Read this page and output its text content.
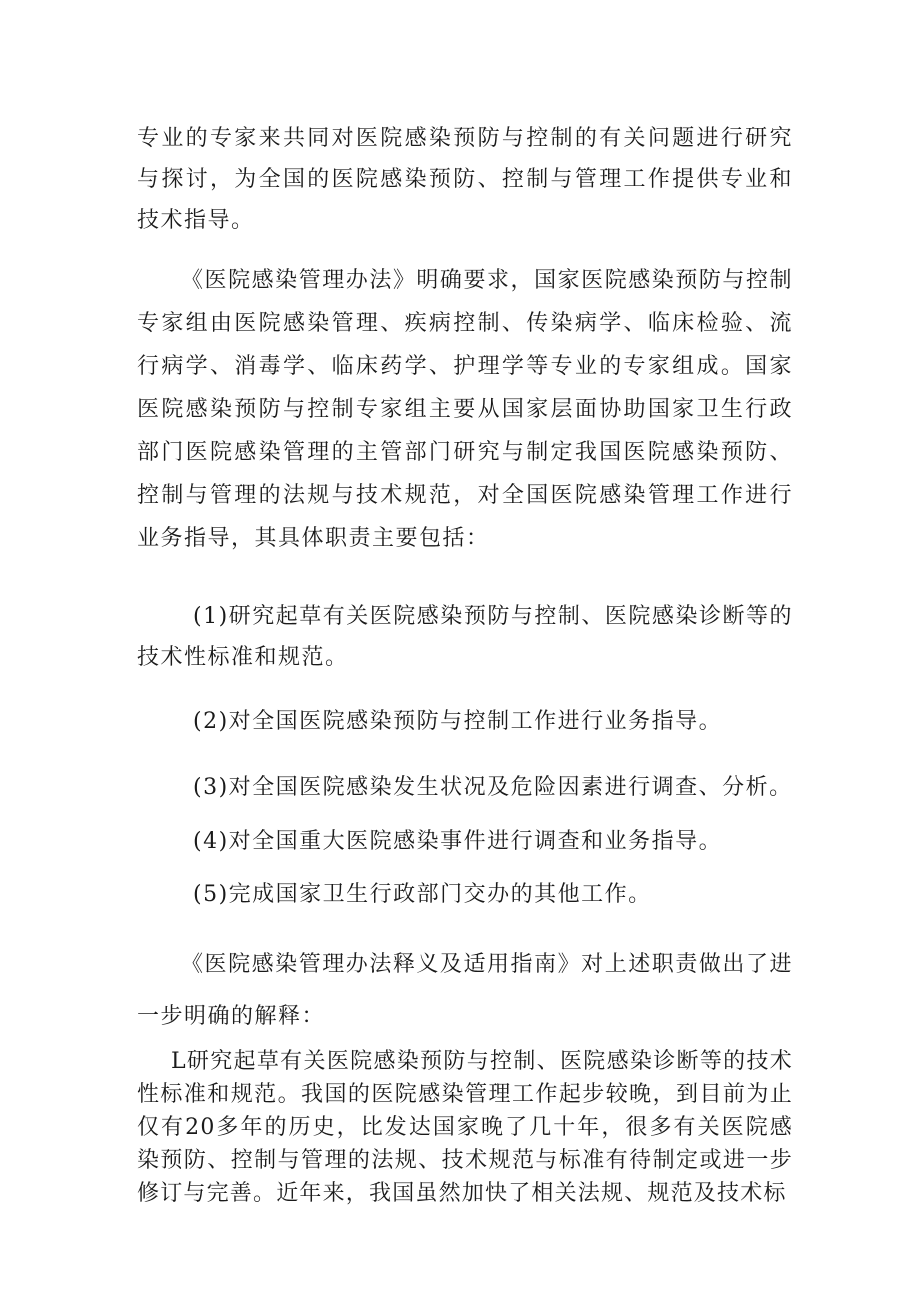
专业的专家来共同对医院感染预防与控制的有关问题进行研究与探讨，为全国的医院感染预防、控制与管理工作提供专业和技术指导。

《医院感染管理办法》明确要求，国家医院感染预防与控制专家组由医院感染管理、疾病控制、传染病学、临床检验、流行病学、消毒学、临床药学、护理学等专业的专家组成。国家医院感染预防与控制专家组主要从国家层面协助国家卫生行政部门医院感染管理的主管部门研究与制定我国医院感染预防、控制与管理的法规与技术规范，对全国医院感染管理工作进行业务指导，其具体职责主要包括：

(1)研究起草有关医院感染预防与控制、医院感染诊断等的技术性标准和规范。

(2)对全国医院感染预防与控制工作进行业务指导。

(3)对全国医院感染发生状况及危险因素进行调查、分析。

(4)对全国重大医院感染事件进行调查和业务指导。

(5)完成国家卫生行政部门交办的其他工作。

《医院感染管理办法释义及适用指南》对上述职责做出了进一步明确的解释：

L研究起草有关医院感染预防与控制、医院感染诊断等的技术性标准和规范。我国的医院感染管理工作起步较晚，到目前为止仅有20多年的历史，比发达国家晚了几十年，很多有关医院感染预防、控制与管理的法规、技术规范与标准有待制定或进一步修订与完善。近年来，我国虽然加快了相关法规、规范及技术标
